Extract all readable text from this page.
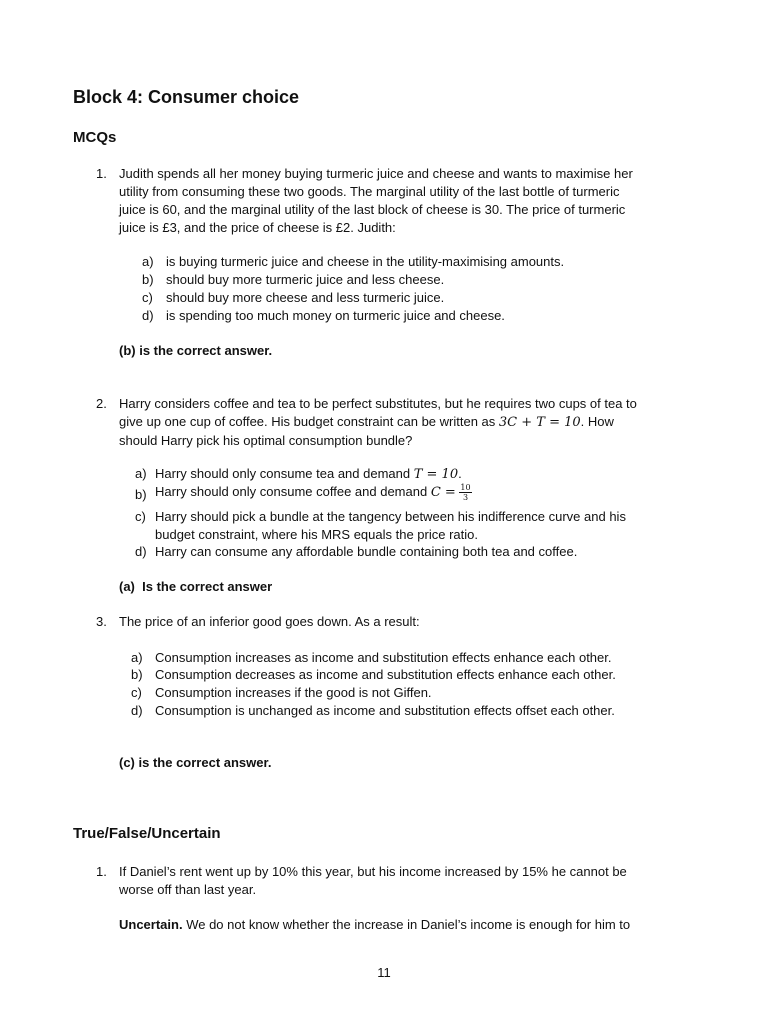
Block 4: Consumer choice
MCQs
1. Judith spends all her money buying turmeric juice and cheese and wants to maximise her
utility from consuming these two goods. The marginal utility of the last bottle of turmeric
juice is 60, and the marginal utility of the last block of cheese is 30. The price of turmeric
juice is £3, and the price of cheese is £2. Judith:
a) is buying turmeric juice and cheese in the utility-maximising amounts.
b) should buy more turmeric juice and less cheese.
c) should buy more cheese and less turmeric juice.
d) is spending too much money on turmeric juice and cheese.
(b) is the correct answer.
2. Harry considers coffee and tea to be perfect substitutes, but he requires two cups of tea to
give up one cup of coffee. His budget constraint can be written as 3C + T = 10. How
should Harry pick his optimal consumption bundle?
a) Harry should only consume tea and demand T = 10.
b) Harry should only consume coffee and demand $C = \frac{10}{3}$
c) Harry should pick a bundle at the tangency between his indifference curve and his
budget constraint, where his MRS equals the price ratio.
d) Harry can consume any affordable bundle containing both tea and coffee.
(a) Is the correct answer
3. The price of an inferior good goes down. As a result:
a) Consumption increases as income and substitution effects enhance each other.
b) Consumption decreases as income and substitution effects enhance each other.
c) Consumption increases if the good is not Giffen.
d) Consumption is unchanged as income and substitution effects offset each other.
(c) is the correct answer.
True/False/Uncertain
1. If Daniel’s rent went up by 10% this year, but his income increased by 15% he cannot be
worse off than last year.
Uncertain. We do not know whether the increase in Daniel’s income is enough for him to
11
